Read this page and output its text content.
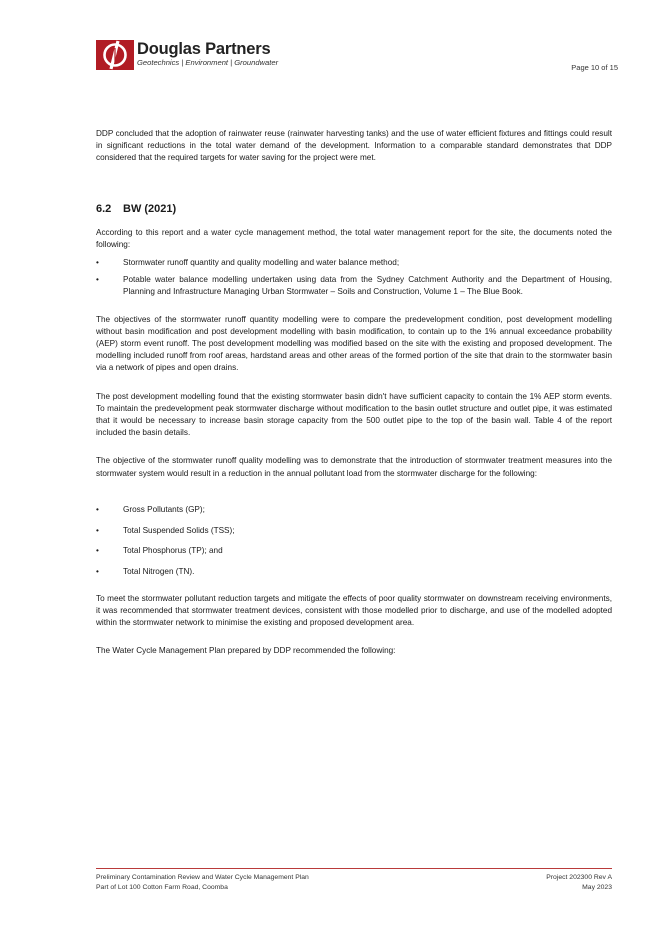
Douglas Partners
Geotechnics | Environment | Groundwater
Page 10 of 15

DDP concluded that the adoption of rainwater reuse (rainwater harvesting tanks) and the use of water efficient fixtures and fittings could result in significant reductions in the total water demand of the development. Information to a comparable standard demonstrates that DDP considered that the required targets for water saving for the project were met.

6.2	BW (2021)

According to this report and a water cycle management method, the total water management report for the site, the documents noted the following:

•	Stormwater runoff quantity and quality modelling and water balance method;
•	Potable water balance modelling undertaken using data from the Sydney Catchment Authority and the Department of Housing, Planning and Infrastructure Managing Urban Stormwater – Soils and Construction, Volume 1 – The Blue Book.

The objectives of the stormwater runoff quantity modelling were to compare the predevelopment condition, post development modelling without basin modification and post development modelling with basin modification, to contain up to the 1% annual exceedance probability (AEP) storm event runoff. The post development modelling was modified based on the site with the existing and proposed development. The modelling included runoff from roof areas, hardstand areas and other areas of the formed portion of the site that drain to the stormwater basin via a network of pipes and open drains.

The post development modelling found that the existing stormwater basin didn't have sufficient capacity to contain the 1% AEP storm events. To maintain the predevelopment peak stormwater discharge without modification to the basin outlet structure and outlet pipe, it was estimated that it would be necessary to increase basin storage capacity from the 500 outlet pipe to the top of the basin wall. Table 4 of the report included the basin details.

The objective of the stormwater runoff quality modelling was to demonstrate that the introduction of stormwater treatment measures into the stormwater system would result in a reduction in the annual pollutant load from the stormwater discharge for the following:

•	Gross Pollutants (GP);
•	Total Suspended Solids (TSS);
•	Total Phosphorus (TP); and
•	Total Nitrogen (TN).

To meet the stormwater pollutant reduction targets and mitigate the effects of poor quality stormwater on downstream receiving environments, it was recommended that stormwater treatment devices, consistent with those modelled prior to discharge, and use of the modelled adopted within the stormwater network to minimise the existing and proposed development area.

The Water Cycle Management Plan prepared by DDP recommended the following:

Preliminary Contamination Review and Water Cycle Management Plan
Part of Lot 100 Cotton Farm Road, Coomba
Project 202300 Rev A
May 2023
